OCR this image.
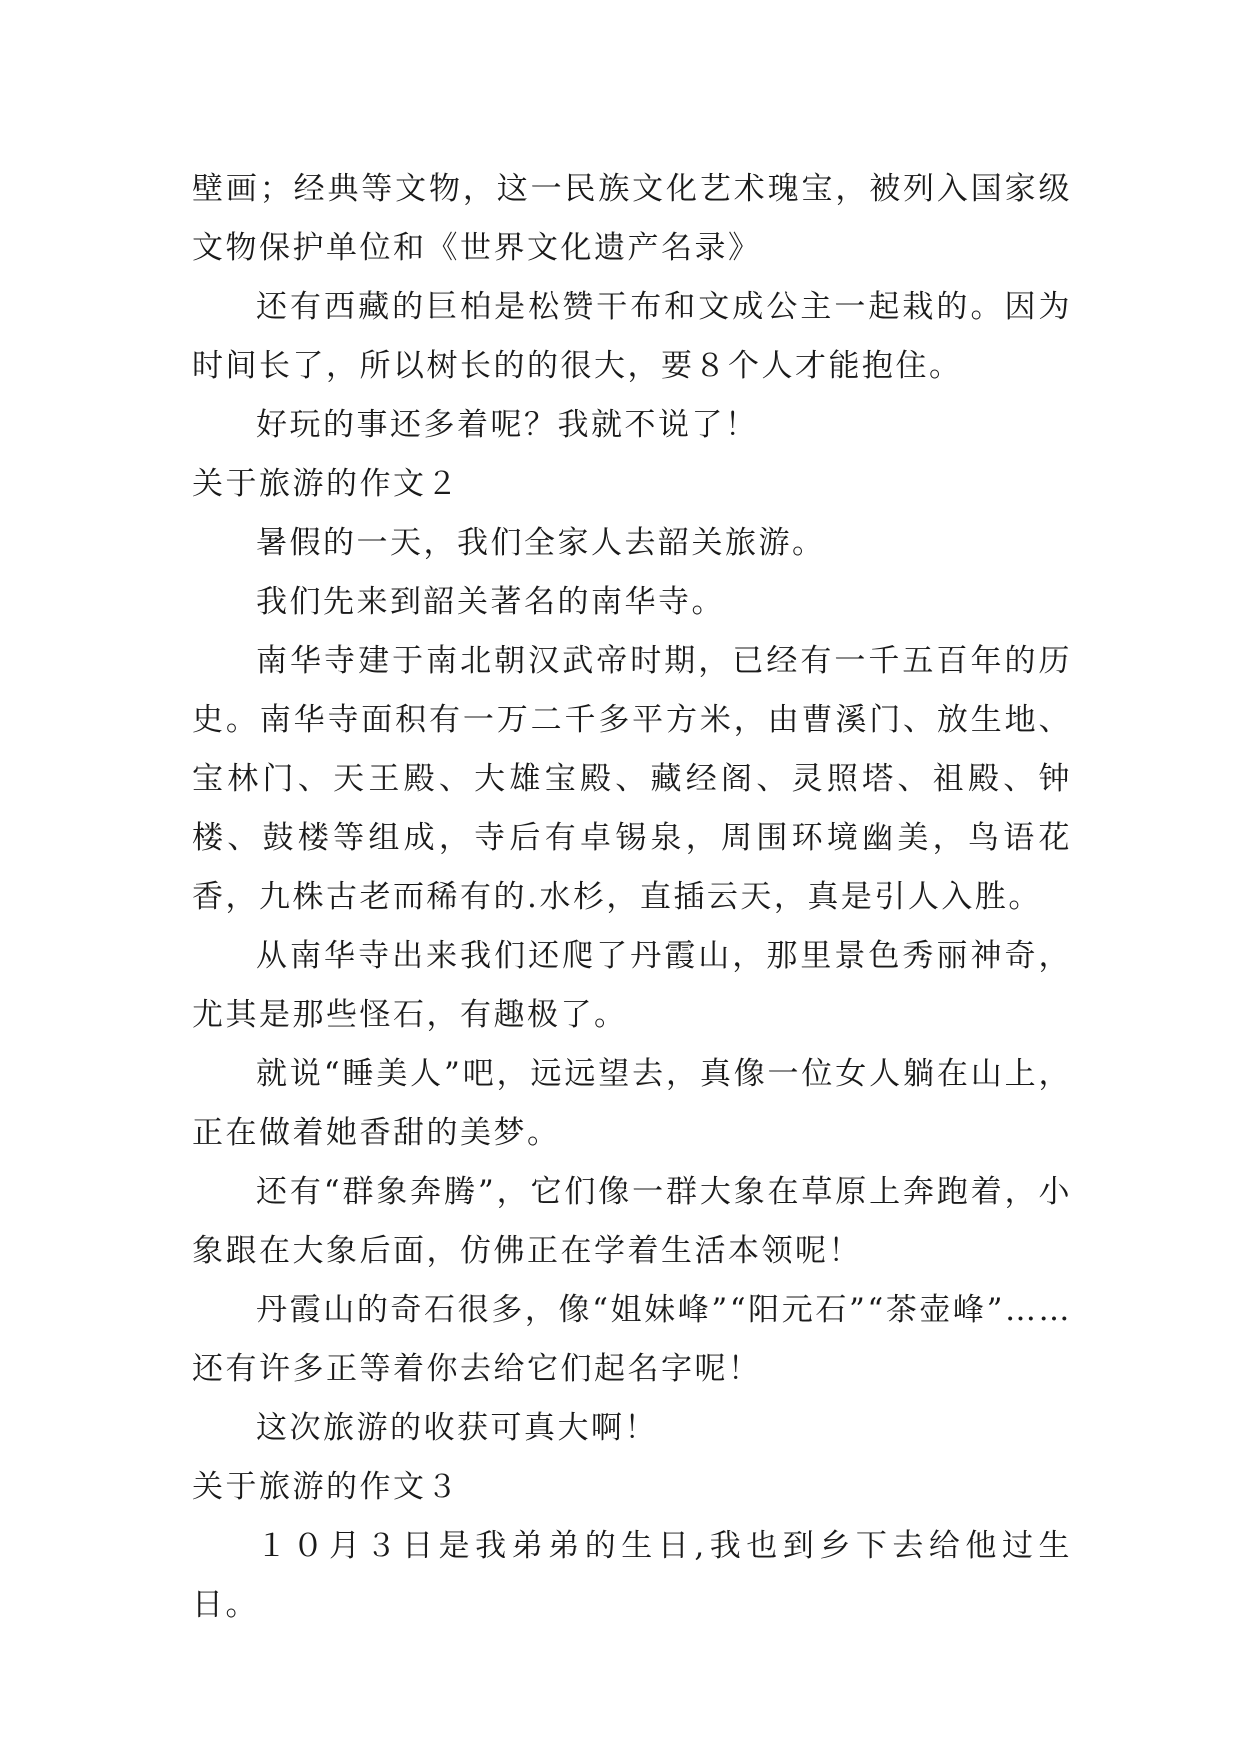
壁画；经典等文物，这一民族文化艺术瑰宝，被列入国家级文物保护单位和《世界文化遗产名录》

还有西藏的巨柏是松赞干布和文成公主一起栽的。因为时间长了，所以树长的的很大，要８个人才能抱住。

好玩的事还多着呢？我就不说了！

关于旅游的作文２

暑假的一天，我们全家人去韶关旅游。

我们先来到韶关著名的南华寺。

南华寺建于南北朝汉武帝时期，已经有一千五百年的历史。南华寺面积有一万二千多平方米，由曹溪门、放生地、宝林门、天王殿、大雄宝殿、藏经阁、灵照塔、祖殿、钟楼、鼓楼等组成，寺后有卓锡泉，周围环境幽美，鸟语花香，九株古老而稀有的.水杉，直插云天，真是引人入胜。

从南华寺出来我们还爬了丹霞山，那里景色秀丽神奇，尤其是那些怪石，有趣极了。

就说“睡美人”吧，远远望去，真像一位女人躺在山上，正在做着她香甜的美梦。

还有“群象奔腾”，它们像一群大象在草原上奔跑着，小象跟在大象后面，仿佛正在学着生活本领呢！

丹霞山的奇石很多，像“姐妹峰”“阳元石”“茶壶峰”……还有许多正等着你去给它们起名字呢！

这次旅游的收获可真大啊！

关于旅游的作文３

１０月３日是我弟弟的生日,我也到乡下去给他过生日。
